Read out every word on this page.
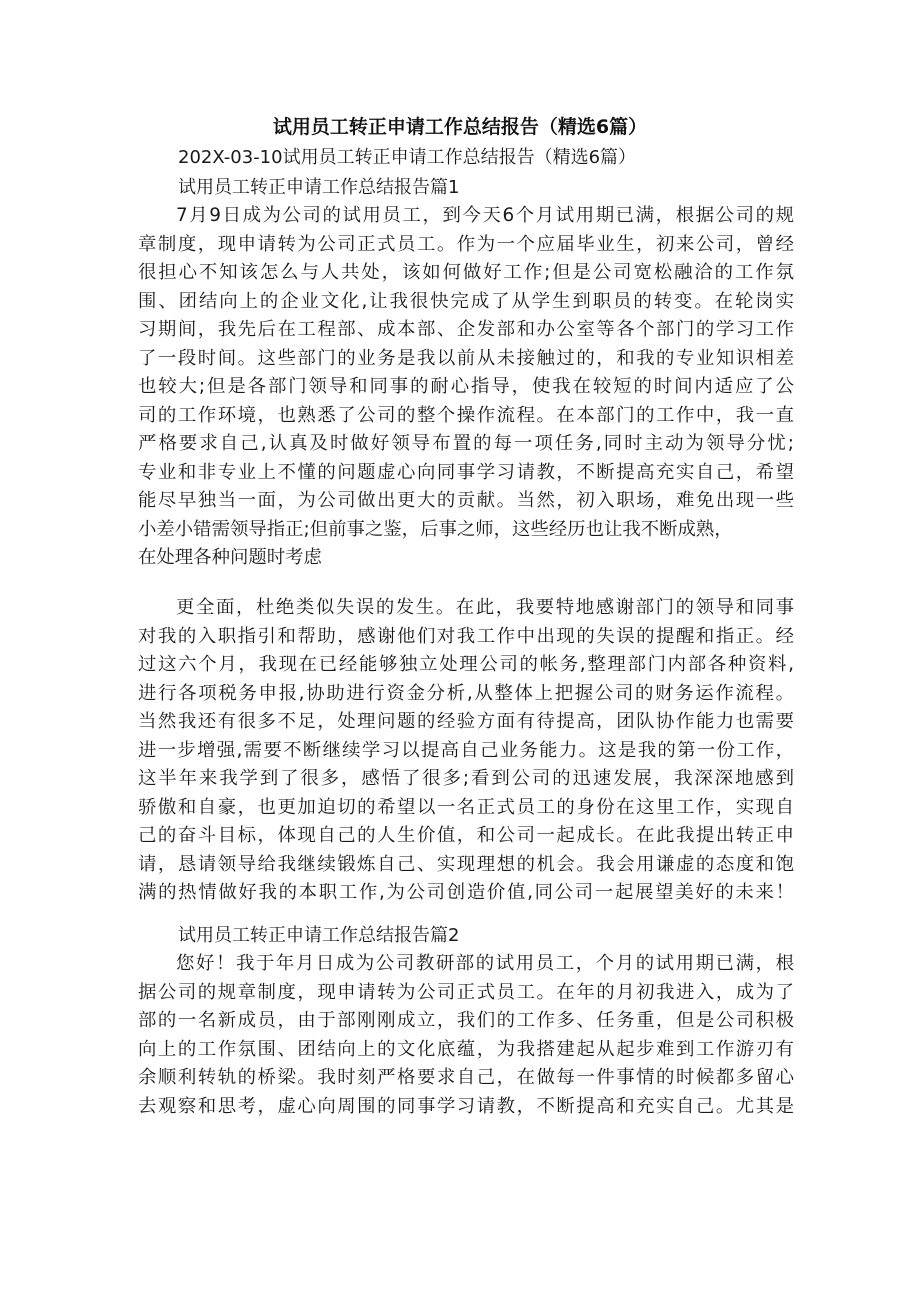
试用员工转正申请工作总结报告（精选6篇）
202X-03-10试用员工转正申请工作总结报告（精选6篇）
试用员工转正申请工作总结报告篇1
7月9日成为公司的试用员工，到今天6个月试用期已满，根据公司的规
章制度，现申请转为公司正式员工。作为一个应届毕业生，初来公司，曾经
很担心不知该怎么与人共处，该如何做好工作;但是公司宽松融洽的工作氛
围、团结向上的企业文化,让我很快完成了从学生到职员的转变。在轮岗实
习期间，我先后在工程部、成本部、企发部和办公室等各个部门的学习工作
了一段时间。这些部门的业务是我以前从未接触过的，和我的专业知识相差
也较大;但是各部门领导和同事的耐心指导，使我在较短的时间内适应了公
司的工作环境，也熟悉了公司的整个操作流程。在本部门的工作中，我一直
严格要求自己,认真及时做好领导布置的每一项任务,同时主动为领导分忧;
专业和非专业上不懂的问题虚心向同事学习请教，不断提高充实自己，希望
能尽早独当一面，为公司做出更大的贡献。当然，初入职场，难免出现一些
小差小错需领导指正;但前事之鉴，后事之师，这些经历也让我不断成熟，
在处理各种问题时考虑
更全面，杜绝类似失误的发生。在此，我要特地感谢部门的领导和同事
对我的入职指引和帮助，感谢他们对我工作中出现的失误的提醒和指正。经
过这六个月，我现在已经能够独立处理公司的帐务,整理部门内部各种资料,
进行各项税务申报,协助进行资金分析,从整体上把握公司的财务运作流程。
当然我还有很多不足，处理问题的经验方面有待提高，团队协作能力也需要
进一步增强,需要不断继续学习以提高自己业务能力。这是我的第一份工作，
这半年来我学到了很多，感悟了很多;看到公司的迅速发展，我深深地感到
骄傲和自豪，也更加迫切的希望以一名正式员工的身份在这里工作，实现自
己的奋斗目标，体现自己的人生价值，和公司一起成长。在此我提出转正申
请，恳请领导给我继续锻炼自己、实现理想的机会。我会用谦虚的态度和饱
满的热情做好我的本职工作,为公司创造价值,同公司一起展望美好的未来！
试用员工转正申请工作总结报告篇2
您好！我于年月日成为公司教研部的试用员工，个月的试用期已满，根
据公司的规章制度，现申请转为公司正式员工。在年的月初我进入，成为了
部的一名新成员，由于部刚刚成立，我们的工作多、任务重，但是公司积极
向上的工作氛围、团结向上的文化底蕴，为我搭建起从起步难到工作游刃有
余顺利转轨的桥梁。我时刻严格要求自己，在做每一件事情的时候都多留心
去观察和思考，虚心向周围的同事学习请教，不断提高和充实自己。尤其是
